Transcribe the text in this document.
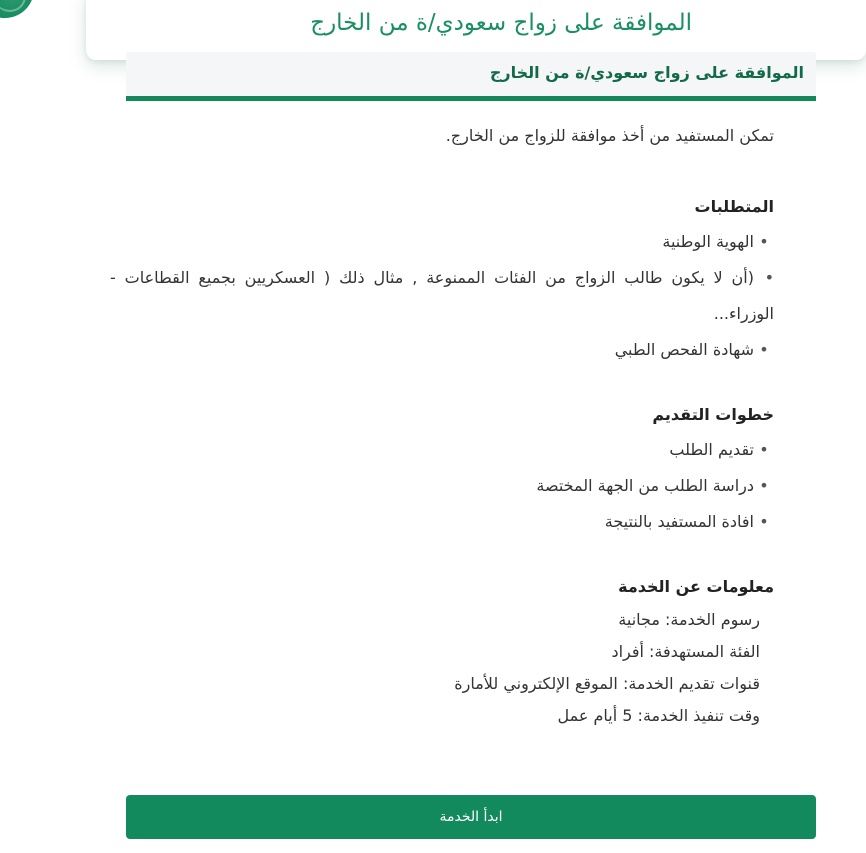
الموافقة على زواج سعودي/ة من الخارج
الموافقة على زواج سعودي/ة من الخارج

تمكن المستفيد من أخذ موافقة للزواج من الخارج.

المتطلبات
•الهوية الوطنية
•(أن لا يكون طالب الزواج من الفئات الممنوعة , مثال ذلك ( العسكريين بجميع القطاعات - الوزراء...
•شهادة الفحص الطبي
خطوات التقديم
•تقديم الطلب
•دراسة الطلب من الجهة المختصة
•افادة المستفيد بالنتيجة
معلومات عن الخدمة

رسوم الخدمة: مجانية

الفئة المستهدفة: أفراد

قنوات تقديم الخدمة: الموقع الإلكتروني للأمارة

وقت تنفيذ الخدمة: 5 أيام عمل

ابدأ الخدمة
